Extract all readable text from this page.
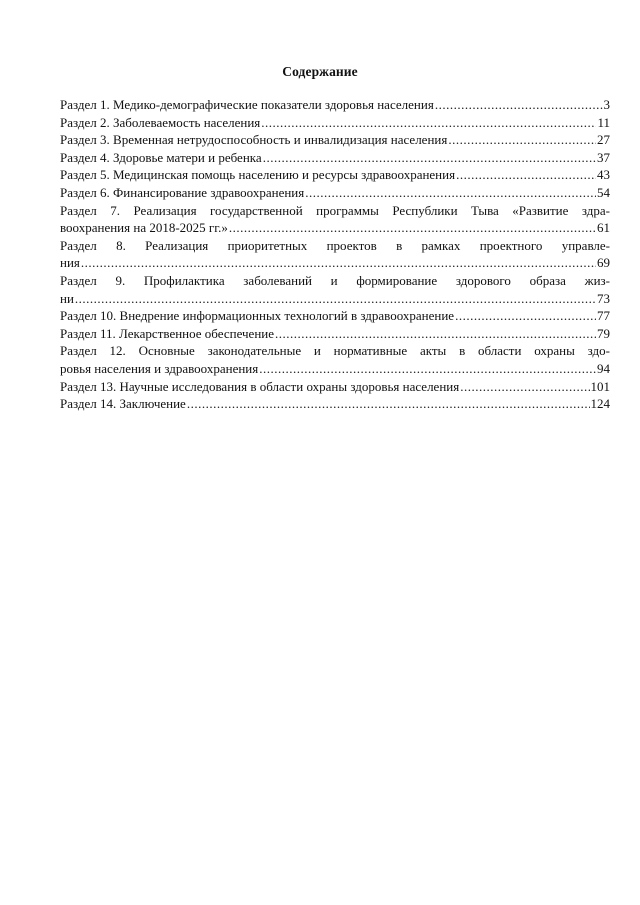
Содержание
Раздел 1. Медико-демографические показатели здоровья населения .....	3
Раздел 2. Заболеваемость населения .....	11
Раздел 3. Временная нетрудоспособность и инвалидизация населения .....	27
Раздел 4. Здоровье матери и ребенка .....	37
Раздел 5. Медицинская помощь населению и ресурсы здравоохранения .....	43
Раздел 6. Финансирование здравоохранения .....	54
Раздел 7. Реализация государственной программы Республики Тыва «Развитие здра-
воохранения на 2018-2025 гг.» .....	61
Раздел 8. Реализация приоритетных проектов в рамках проектного управле-
ния .....	69
Раздел 9. Профилактика заболеваний и формирование здорового образа жиз-
ни .....	73
Раздел 10. Внедрение информационных технологий в здравоохранение .....	77
Раздел 11. Лекарственное обеспечение .....	79
Раздел 12. Основные законодательные и нормативные акты в области охраны здо-
ровья населения и здравоохранения .....	94
Раздел 13. Научные исследования в области охраны здоровья населения .....	101
Раздел 14. Заключение .....	124
